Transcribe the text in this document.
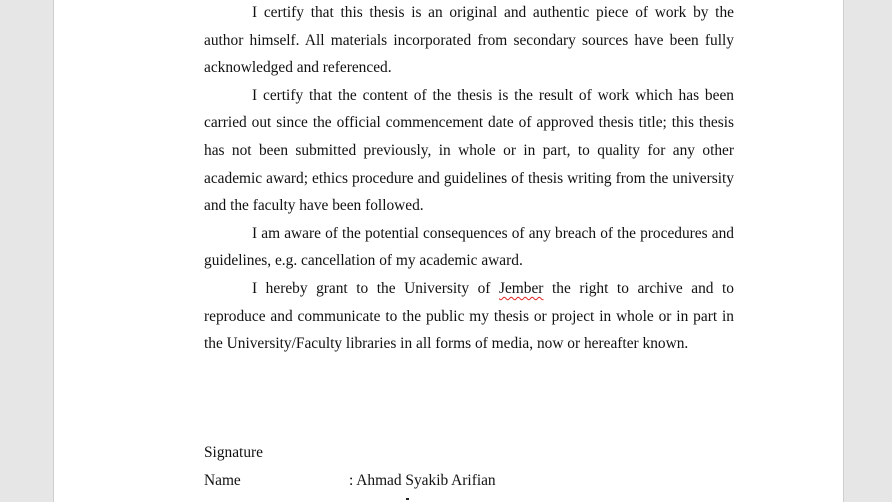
I certify that this thesis is an original and authentic piece of work by the author himself. All materials incorporated from secondary sources have been fully acknowledged and referenced.

I certify that the content of the thesis is the result of work which has been carried out since the official commencement date of approved thesis title; this thesis has not been submitted previously, in whole or in part, to quality for any other academic award; ethics procedure and guidelines of thesis writing from the university and the faculty have been followed.

I am aware of the potential consequences of any breach of the procedures and guidelines, e.g. cancellation of my academic award.

I hereby grant to the University of Jember the right to archive and to reproduce and communicate to the public my thesis or project in whole or in part in the University/Faculty libraries in all forms of media, now or hereafter known.

Signature
Name	: Ahmad Syakib Arifian
